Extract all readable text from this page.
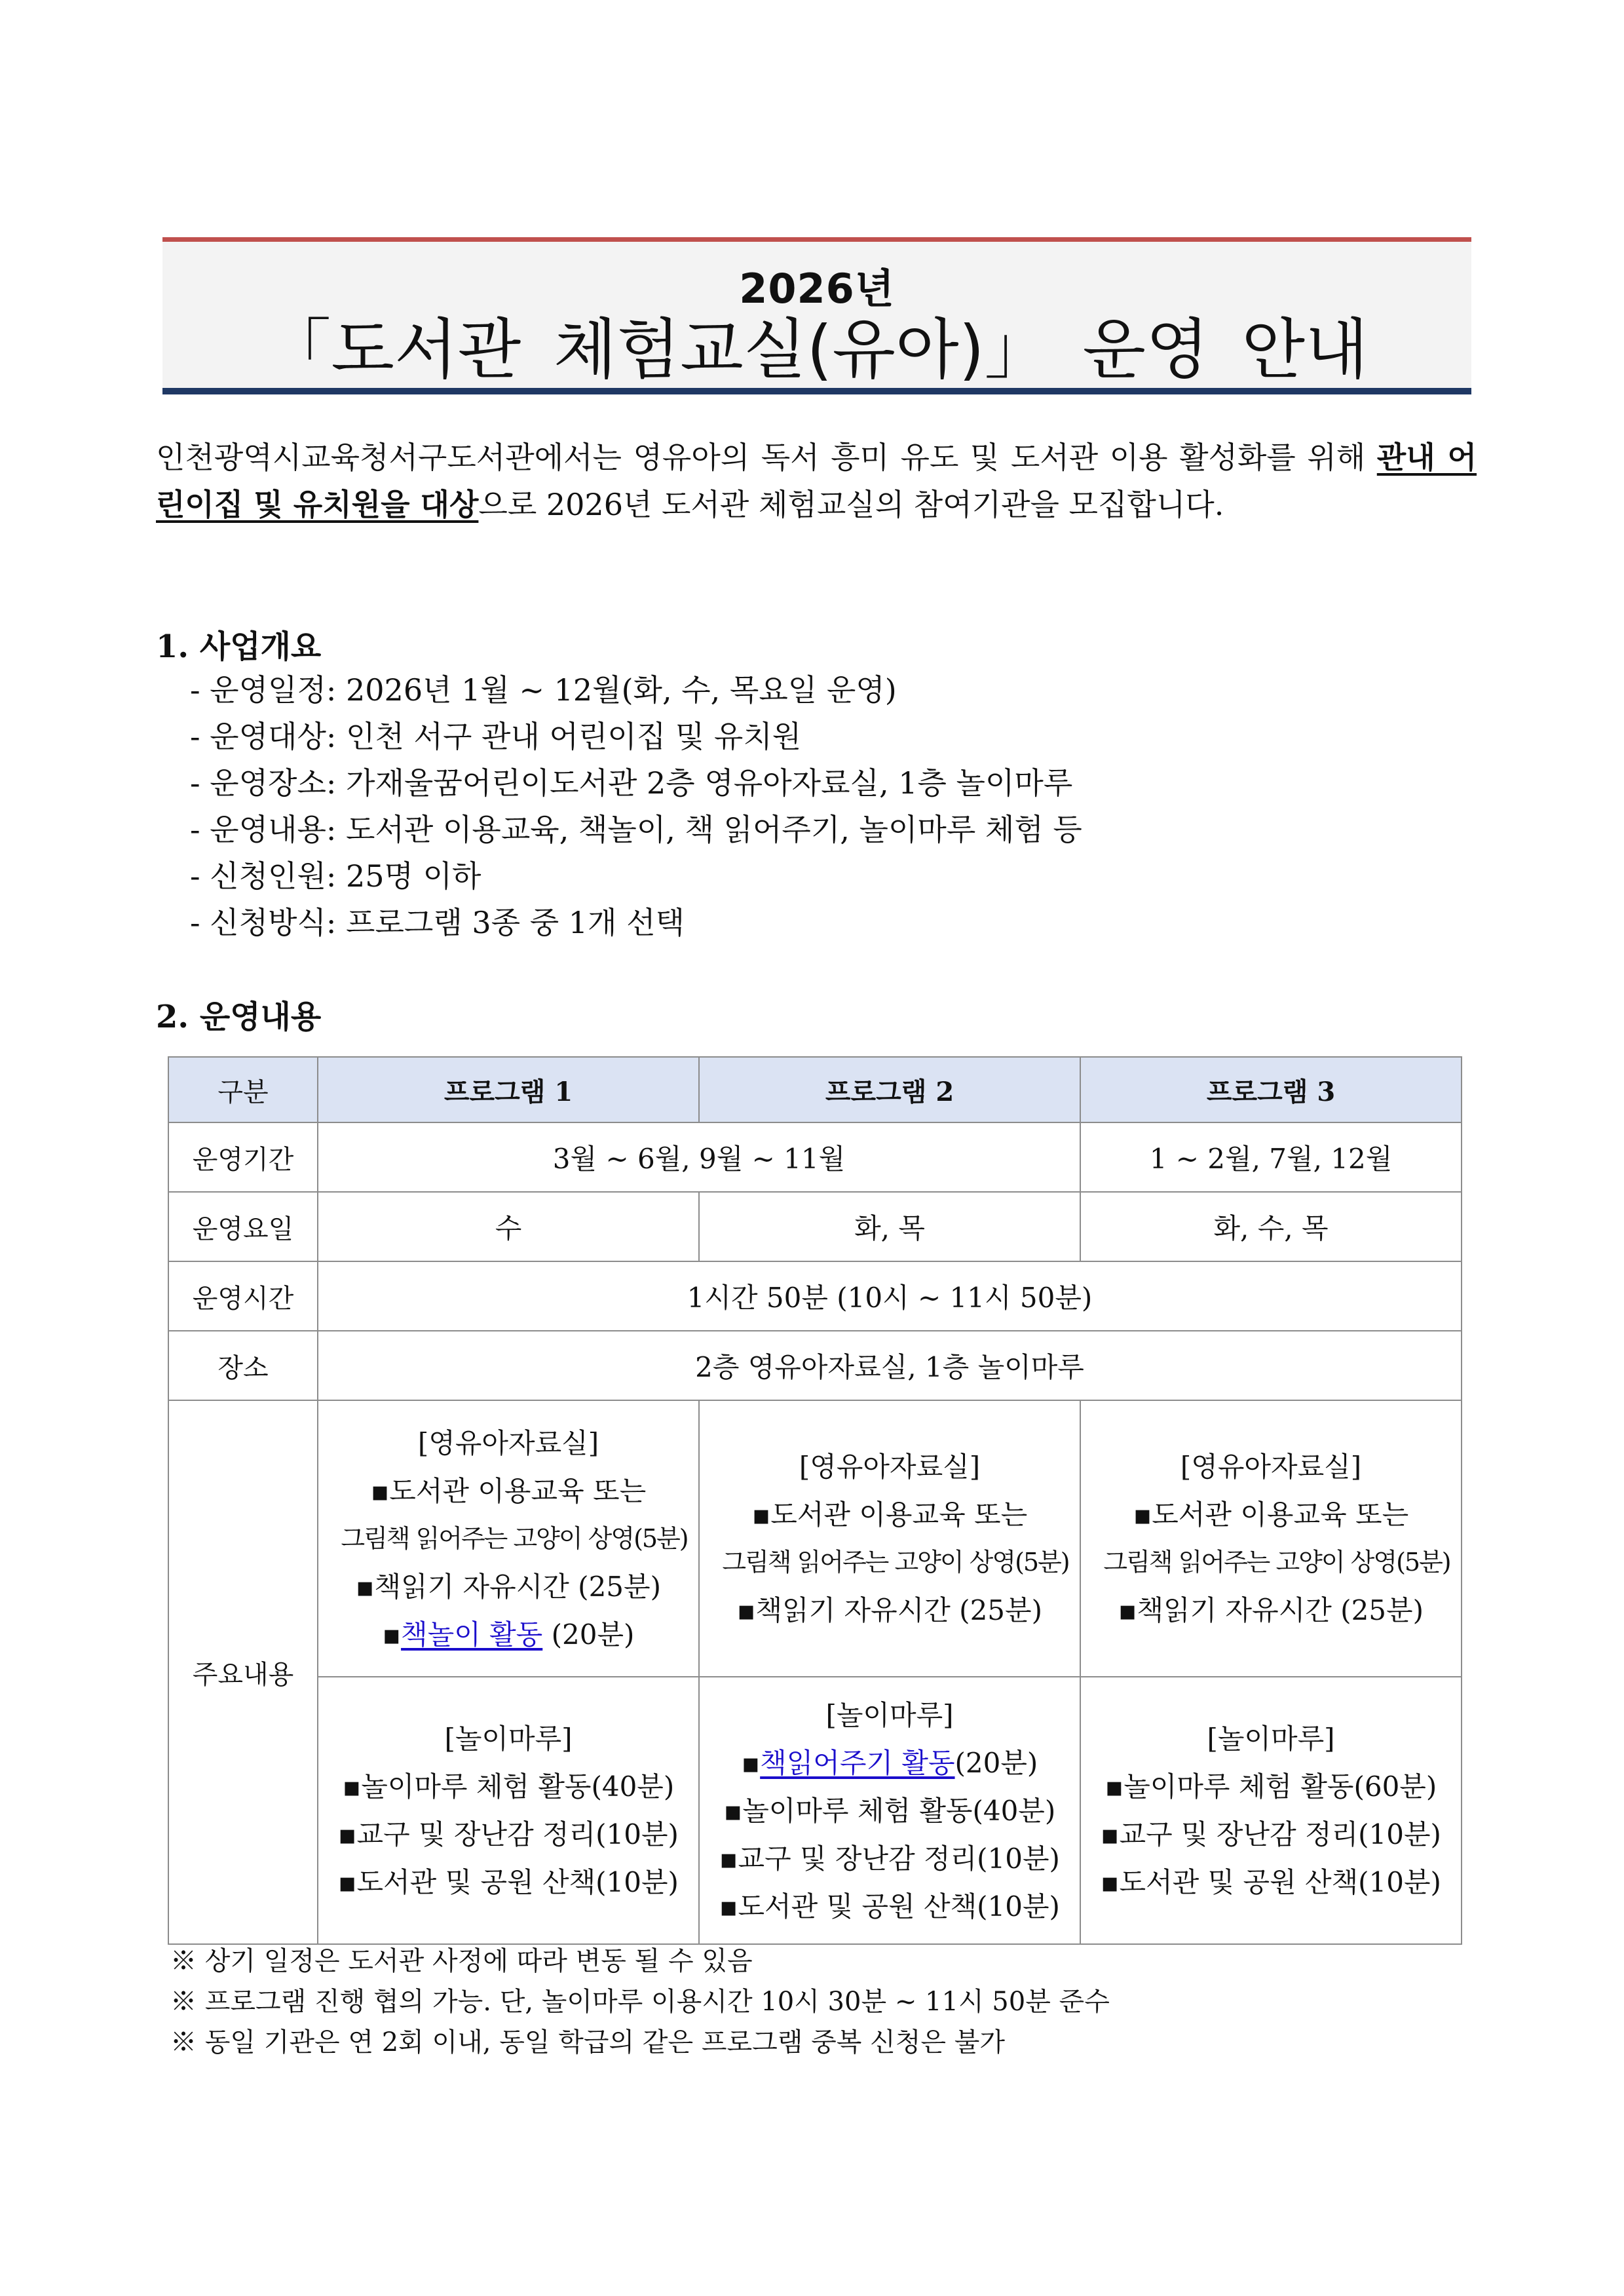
2026년
「도서관 체험교실(유아)」 운영 안내
인천광역시교육청서구도서관에서는 영유아의 독서 흥미 유도 및 도서관 이용 활성화를 위해 관내 어린이집 및 유치원을 대상으로 2026년 도서관 체험교실의 참여기관을 모집합니다.
1. 사업개요
- 운영일정: 2026년 1월 ~ 12월(화, 수, 목요일 운영)
- 운영대상: 인천 서구 관내 어린이집 및 유치원
- 운영장소: 가재울꿈어린이도서관 2층 영유아자료실, 1층 놀이마루
- 운영내용: 도서관 이용교육, 책놀이, 책 읽어주기, 놀이마루 체험 등
- 신청인원: 25명 이하
- 신청방식: 프로그램 3종 중 1개 선택
2. 운영내용
구분	프로그램 1	프로그램 2	프로그램 3
운영기간	3월 ~ 6월, 9월 ~ 11월		1 ~ 2월, 7월, 12월
운영요일	수	화, 목	화, 수, 목
운영시간	1시간 50분 (10시 ~ 11시 50분)		
장소	2층 영유아자료실, 1층 놀이마루		
주요내용	[영유아자료실]
▪도서관 이용교육 또는
그림책 읽어주는 고양이 상영(5분)
▪책읽기 자유시간 (25분)
▪책놀이 활동 (20분)	[영유아자료실]
▪도서관 이용교육 또는
그림책 읽어주는 고양이 상영(5분)
▪책읽기 자유시간 (25분)	[영유아자료실]
▪도서관 이용교육 또는
그림책 읽어주는 고양이 상영(5분)
▪책읽기 자유시간 (25분)

	[놀이마루]
▪놀이마루 체험 활동(40분)
▪교구 및 장난감 정리(10분)
▪도서관 및 공원 산책(10분)	[놀이마루]
▪책읽어주기 활동(20분)
▪놀이마루 체험 활동(40분)
▪교구 및 장난감 정리(10분)
▪도서관 및 공원 산책(10분)	[놀이마루]
▪놀이마루 체험 활동(60분)
▪교구 및 장난감 정리(10분)
▪도서관 및 공원 산책(10분)
※ 상기 일정은 도서관 사정에 따라 변동 될 수 있음
※ 프로그램 진행 협의 가능. 단, 놀이마루 이용시간 10시 30분 ~ 11시 50분 준수
※ 동일 기관은 연 2회 이내, 동일 학급의 같은 프로그램 중복 신청은 불가
